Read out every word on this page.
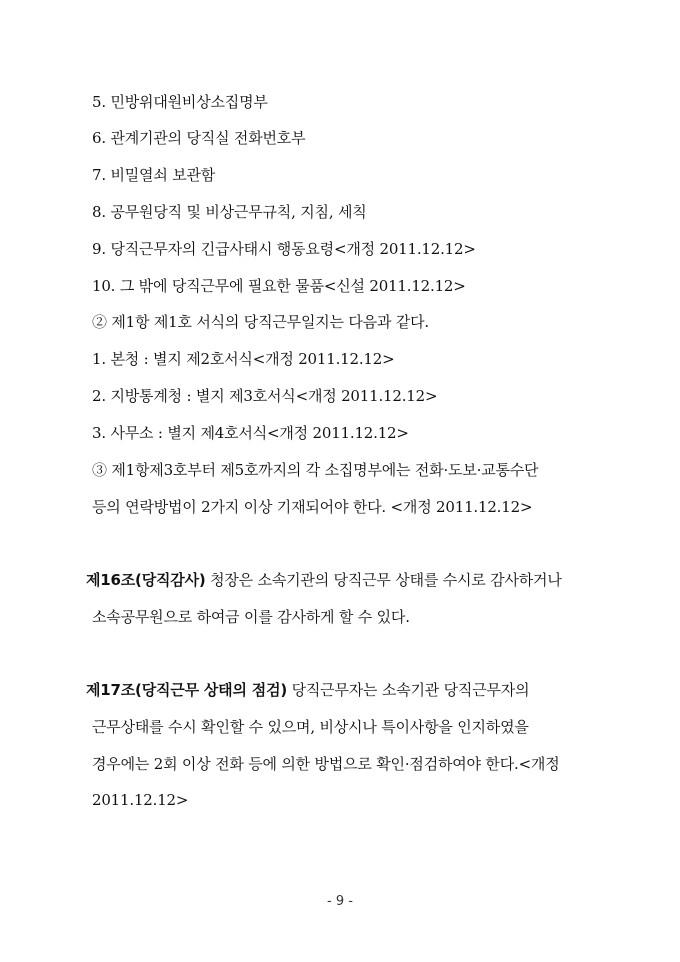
5. 민방위대원비상소집명부
6. 관계기관의 당직실 전화번호부
7. 비밀열쇠 보관함
8. 공무원당직 및 비상근무규칙, 지침, 세칙
9. 당직근무자의 긴급사태시 행동요령<개정 2011.12.12>
10. 그 밖에 당직근무에 필요한 물품<신설 2011.12.12>
② 제1항 제1호 서식의 당직근무일지는 다음과 같다.
1. 본청 : 별지 제2호서식<개정 2011.12.12>
2. 지방통계청 : 별지 제3호서식<개정 2011.12.12>
3. 사무소 : 별지 제4호서식<개정 2011.12.12>
③ 제1항제3호부터 제5호까지의 각 소집명부에는 전화·도보·교통수단
등의 연락방법이 2가지 이상 기재되어야 한다. <개정 2011.12.12>
제16조(당직감사) 청장은 소속기관의 당직근무 상태를 수시로 감사하거나
소속공무원으로 하여금 이를 감사하게 할 수 있다.
제17조(당직근무 상태의 점검) 당직근무자는 소속기관 당직근무자의
근무상태를 수시 확인할 수 있으며, 비상시나 특이사항을 인지하였을
경우에는 2회 이상 전화 등에 의한 방법으로 확인·점검하여야 한다.<개정
2011.12.12>
- 9 -
